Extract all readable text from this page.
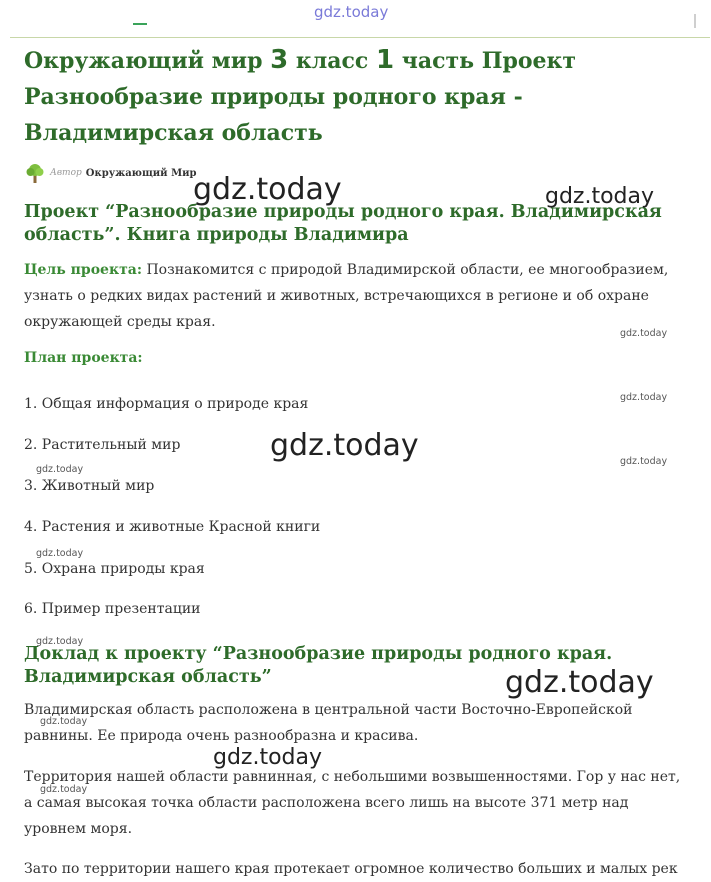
gdz.today
Окружающий мир 3 класс 1 часть Проект Разнообразие природы родного края - Владимирская область
Автор Окружающий Мир
Проект “Разнообразие природы родного края. Владимирская область”. Книга природы Владимира

Цель проекта: Познакомится с природой Владимирской области, ее многообразием, узнать о редких видах растений и животных, встречающихся в регионе и об охране окружающей среды края.

План проекта:
1. Общая информация о природе края
2. Растительный мир
3. Животный мир
4. Растения и животные Красной книги
5. Охрана природы края
6. Пример презентации
Доклад к проекту “Разнообразие природы родного края. Владимирская область”

Владимирская область расположена в центральной части Восточно-Европейской равнины. Ее природа очень разнообразна и красива.

Территория нашей области равнинная, с небольшими возвышенностями. Гор у нас нет, а самая высокая точка области расположена всего лишь на высоте 371 метр над уровнем моря.

Зато по территории нашего края протекает огромное количество больших и малых рек

gdz.today	gdz.today
gdz.today
gdz.today
gdz.today	gdz.today
gdz.today
gdz.today
gdz.today
gdz.today
gdz.today
gdz.today
gdz.today
